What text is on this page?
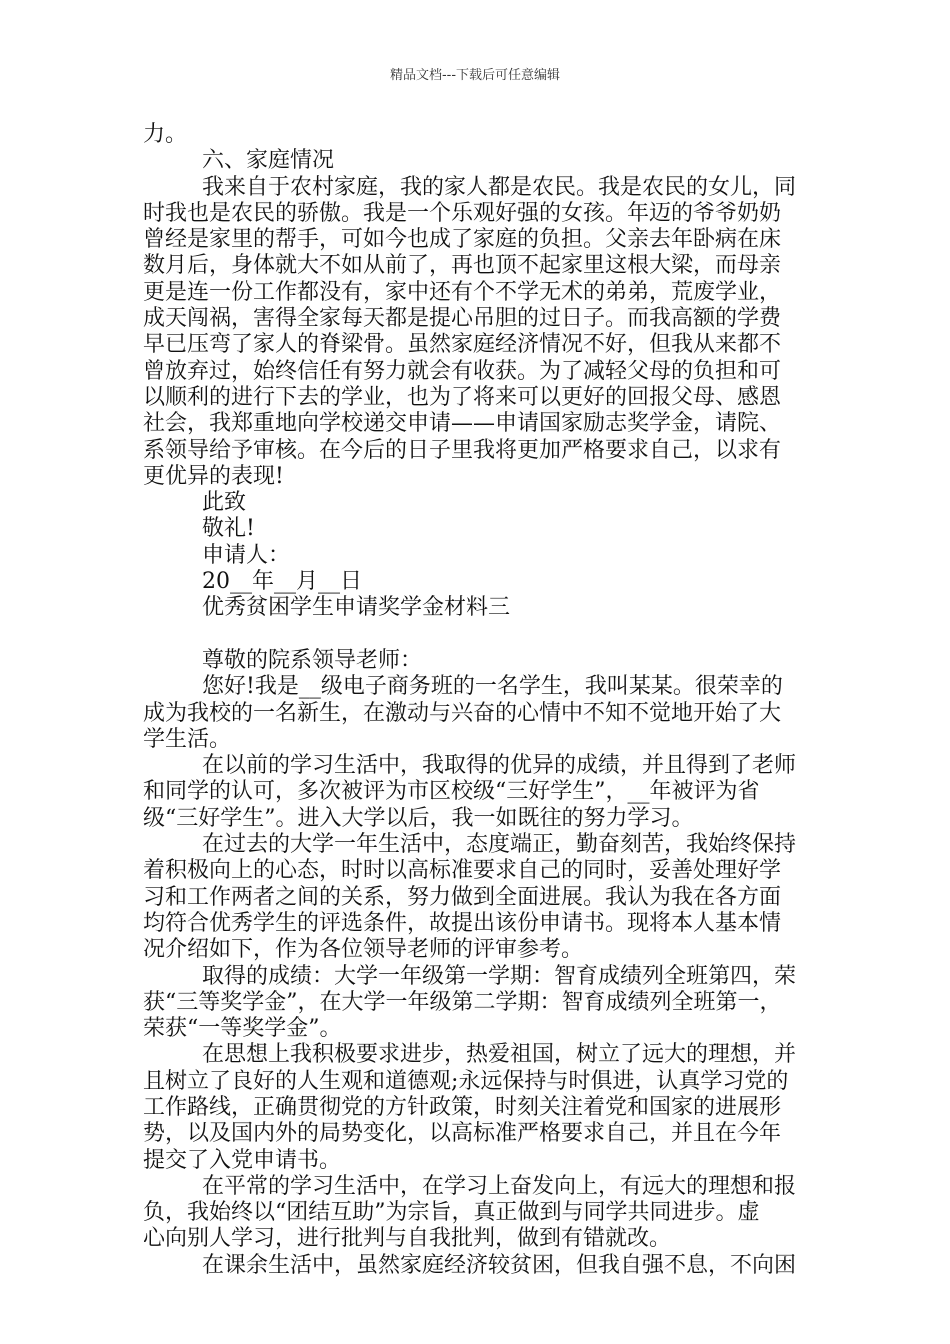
精品文档---下载后可任意编辑
力。
六、家庭情况
我来自于农村家庭，我的家人都是农民。我是农民的女儿，同
时我也是农民的骄傲。我是一个乐观好强的女孩。年迈的爷爷奶奶
曾经是家里的帮手，可如今也成了家庭的负担。父亲去年卧病在床
数月后，身体就大不如从前了，再也顶不起家里这根大梁，而母亲
更是连一份工作都没有，家中还有个不学无术的弟弟，荒废学业，
成天闯祸，害得全家每天都是提心吊胆的过日子。而我高额的学费
早已压弯了家人的脊梁骨。虽然家庭经济情况不好，但我从来都不
曾放弃过，始终信任有努力就会有收获。为了减轻父母的负担和可
以顺利的进行下去的学业，也为了将来可以更好的回报父母、感恩
社会，我郑重地向学校递交申请——申请国家励志奖学金，请院、
系领导给予审核。在今后的日子里我将更加严格要求自己，以求有
更优异的表现!
此致
敬礼!
申请人：
20__年__月__日
优秀贫困学生申请奖学金材料三
尊敬的院系领导老师：
您好!我是__级电子商务班的一名学生，我叫某某。很荣幸的
成为我校的一名新生，在激动与兴奋的心情中不知不觉地开始了大
学生活。
在以前的学习生活中，我取得的优异的成绩，并且得到了老师
和同学的认可，多次被评为市区校级“三好学生”，__年被评为省
级“三好学生”。进入大学以后，我一如既往的努力学习。
在过去的大学一年生活中，态度端正，勤奋刻苦，我始终保持
着积极向上的心态，时时以高标准要求自己的同时，妥善处理好学
习和工作两者之间的关系，努力做到全面进展。我认为我在各方面
均符合优秀学生的评选条件，故提出该份申请书。现将本人基本情
况介绍如下，作为各位领导老师的评审参考。
取得的成绩：大学一年级第一学期：智育成绩列全班第四，荣
获“三等奖学金”，在大学一年级第二学期：智育成绩列全班第一，
荣获“一等奖学金”。
在思想上我积极要求进步，热爱祖国，树立了远大的理想，并
且树立了良好的人生观和道德观;永远保持与时俱进，认真学习党的
工作路线，正确贯彻党的方针政策，时刻关注着党和国家的进展形
势，以及国内外的局势变化，以高标准严格要求自己，并且在今年
提交了入党申请书。
在平常的学习生活中，在学习上奋发向上，有远大的理想和报
负，我始终以“团结互助”为宗旨，真正做到与同学共同进步。虚
心向别人学习，进行批判与自我批判，做到有错就改。
在课余生活中，虽然家庭经济较贫困，但我自强不息，不向困
